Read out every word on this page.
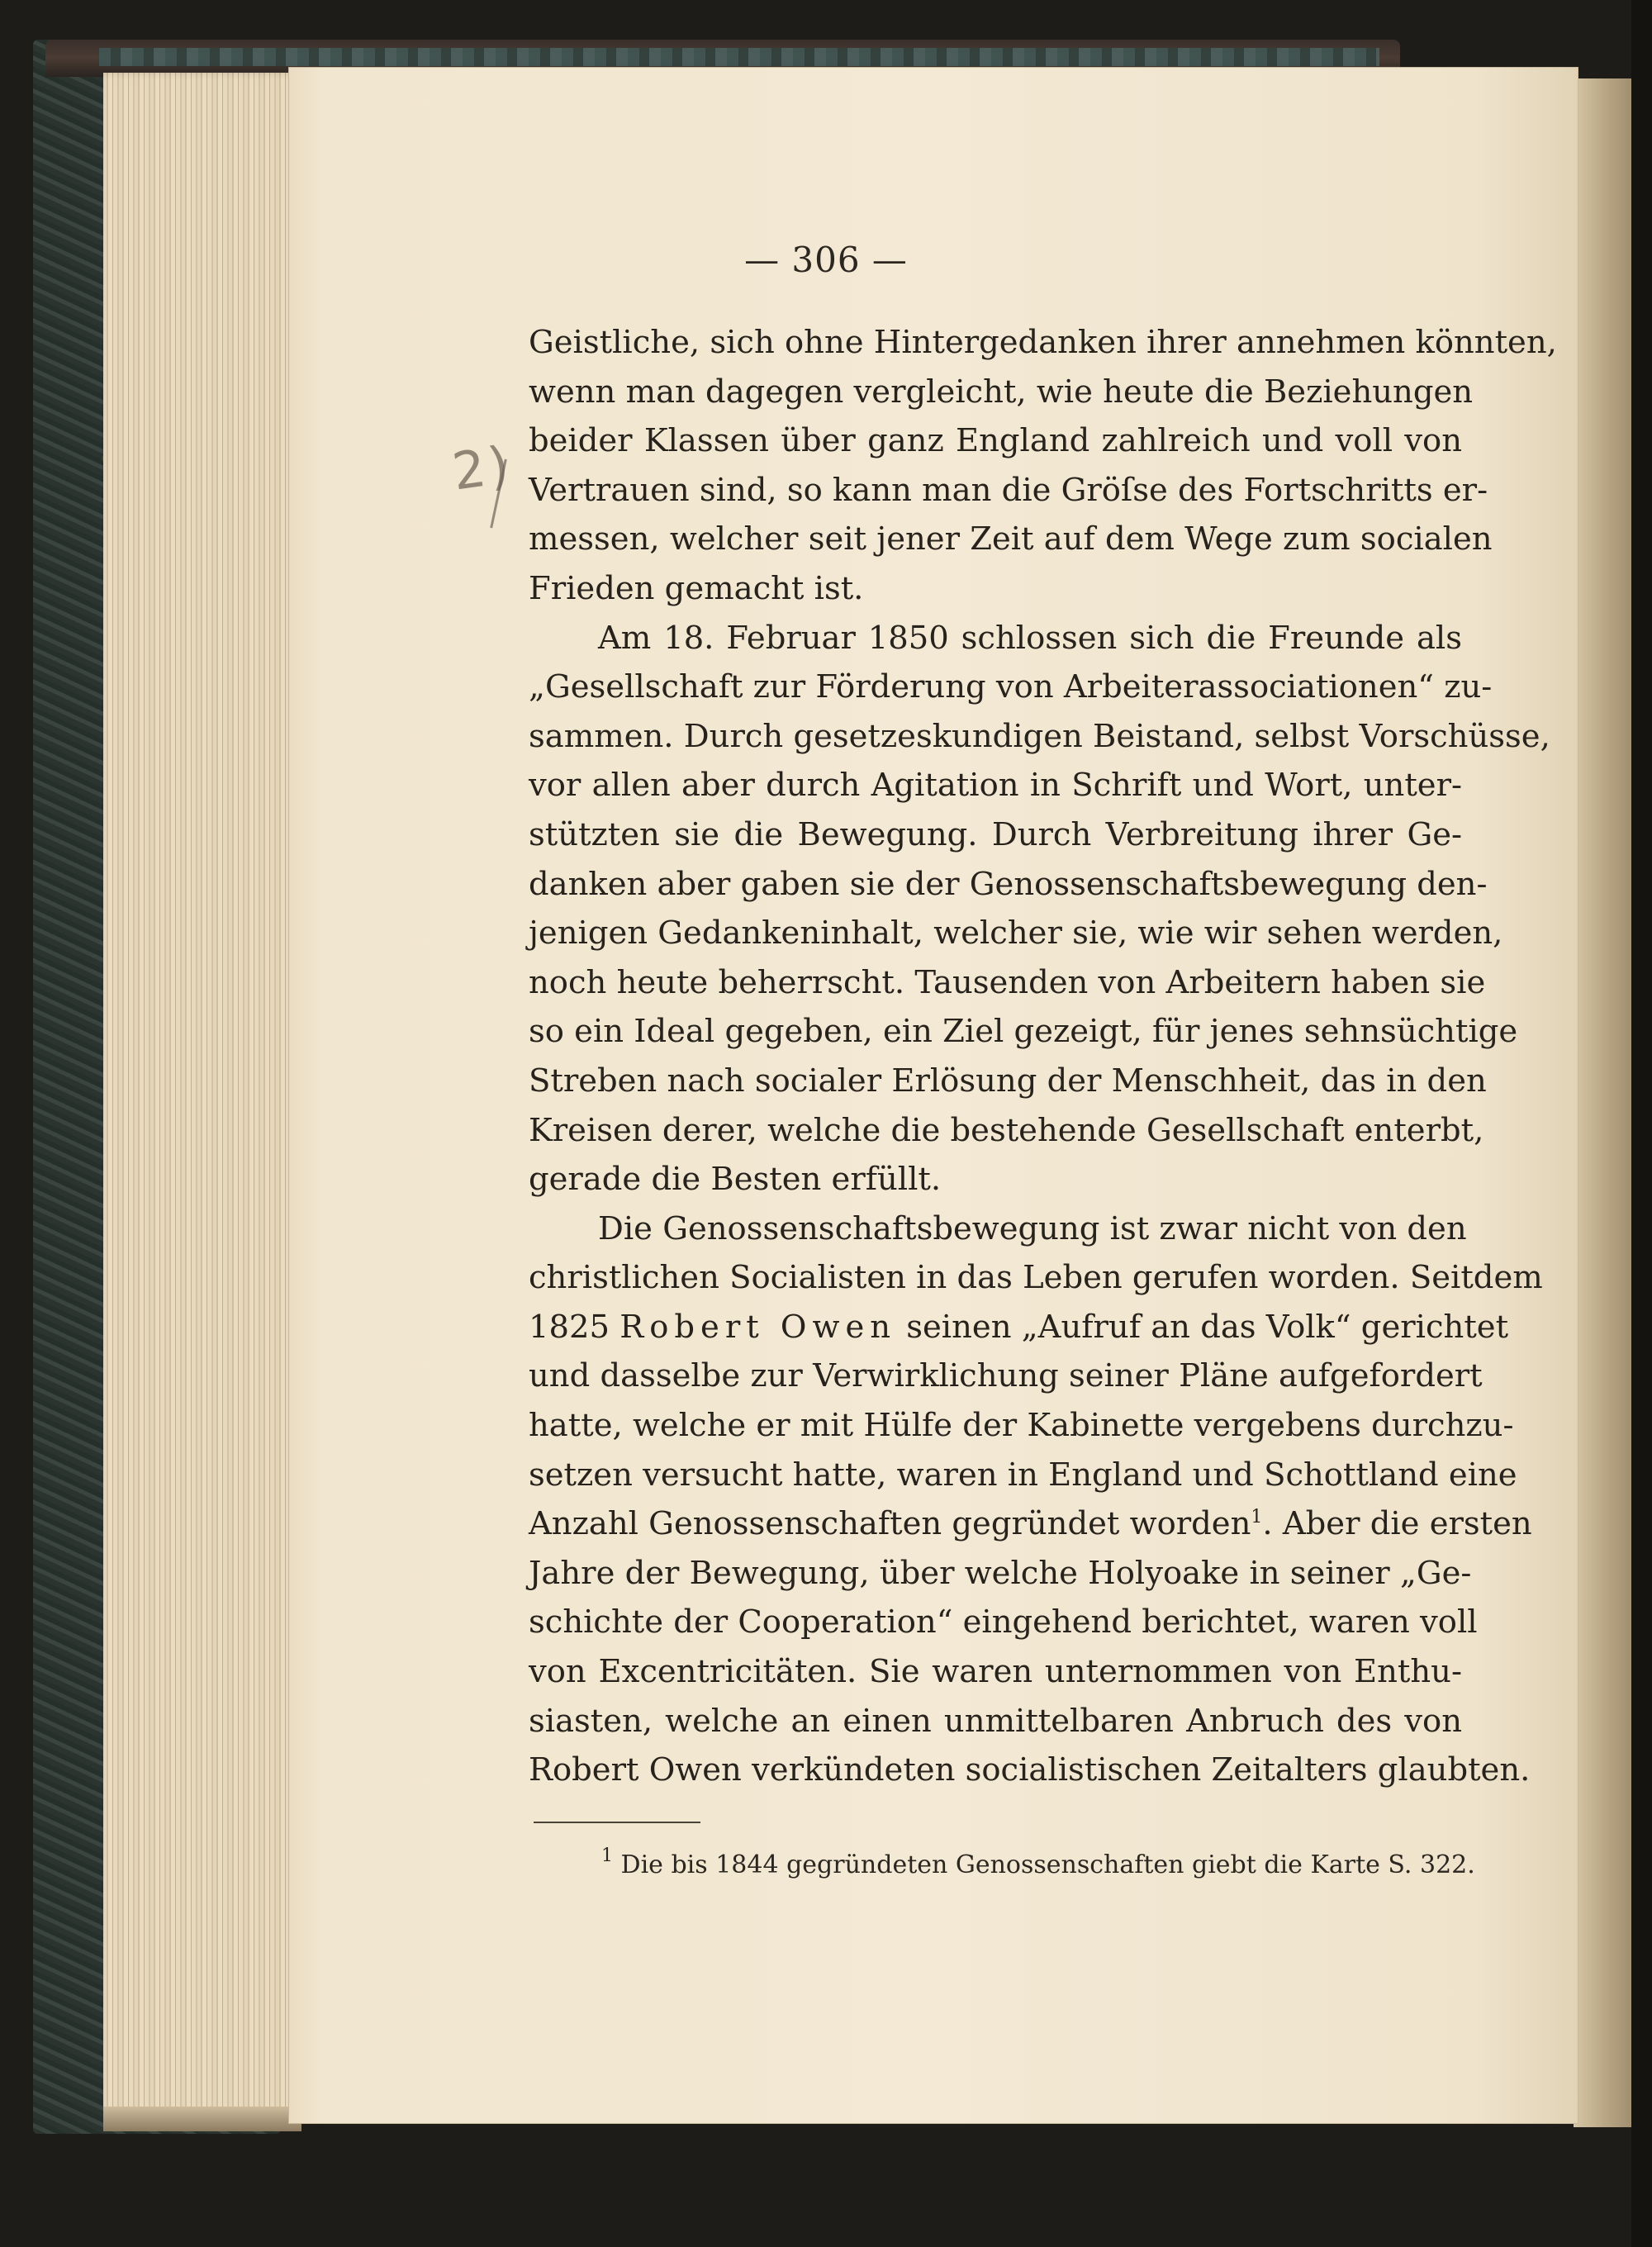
— 306 —
2)
Geistliche, sich ohne Hintergedanken ihrer annehmen könnten,
wenn man dagegen vergleicht, wie heute die Beziehungen
beider Klassen über ganz England zahlreich und voll von
Vertrauen sind, so kann man die Gröſse des Fortschritts er-
messen, welcher seit jener Zeit auf dem Wege zum socialen
Frieden gemacht ist.
Am 18. Februar 1850 schlossen sich die Freunde als
„Gesellschaft zur Förderung von Arbeiterassociationen“ zu-
sammen. Durch gesetzeskundigen Beistand, selbst Vorschüsse,
vor allen aber durch Agitation in Schrift und Wort, unter-
stützten sie die Bewegung. Durch Verbreitung ihrer Ge-
danken aber gaben sie der Genossenschaftsbewegung den-
jenigen Gedankeninhalt, welcher sie, wie wir sehen werden,
noch heute beherrscht. Tausenden von Arbeitern haben sie
so ein Ideal gegeben, ein Ziel gezeigt, für jenes sehnsüchtige
Streben nach socialer Erlösung der Menschheit, das in den
Kreisen derer, welche die bestehende Gesellschaft enterbt,
gerade die Besten erfüllt.
Die Genossenschaftsbewegung ist zwar nicht von den
christlichen Socialisten in das Leben gerufen worden. Seitdem
1825 Robert Owen seinen „Aufruf an das Volk“ gerichtet
und dasselbe zur Verwirklichung seiner Pläne aufgefordert
hatte, welche er mit Hülfe der Kabinette vergebens durchzu-
setzen versucht hatte, waren in England und Schottland eine
Anzahl Genossenschaften gegründet worden$^1$. Aber die ersten
Jahre der Bewegung, über welche Holyoake in seiner „Ge-
schichte der Cooperation“ eingehend berichtet, waren voll
von Excentricitäten. Sie waren unternommen von Enthu-
siasten, welche an einen unmittelbaren Anbruch des von
Robert Owen verkündeten socialistischen Zeitalters glaubten.
$^1$ Die bis 1844 gegründeten Genossenschaften giebt die Karte S. 322.
